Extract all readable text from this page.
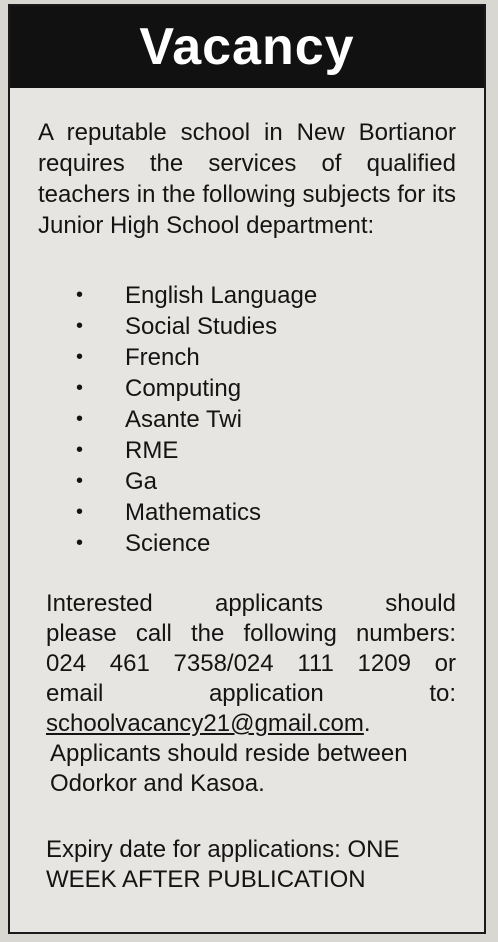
Vacancy
A reputable school in New Bortianor requires the services of qualified teachers in the following subjects for its Junior High School department:
• English Language
• Social Studies
• French
• Computing
• Asante Twi
• RME
• Ga
• Mathematics
• Science
Interested applicants should
please call the following numbers:
024 461 7358/024 111 1209 or
email application to:
schoolvacancy21@gmail.com.
Applicants should reside between
Odorkor and Kasoa.
Expiry date for applications: ONE
WEEK AFTER PUBLICATION
